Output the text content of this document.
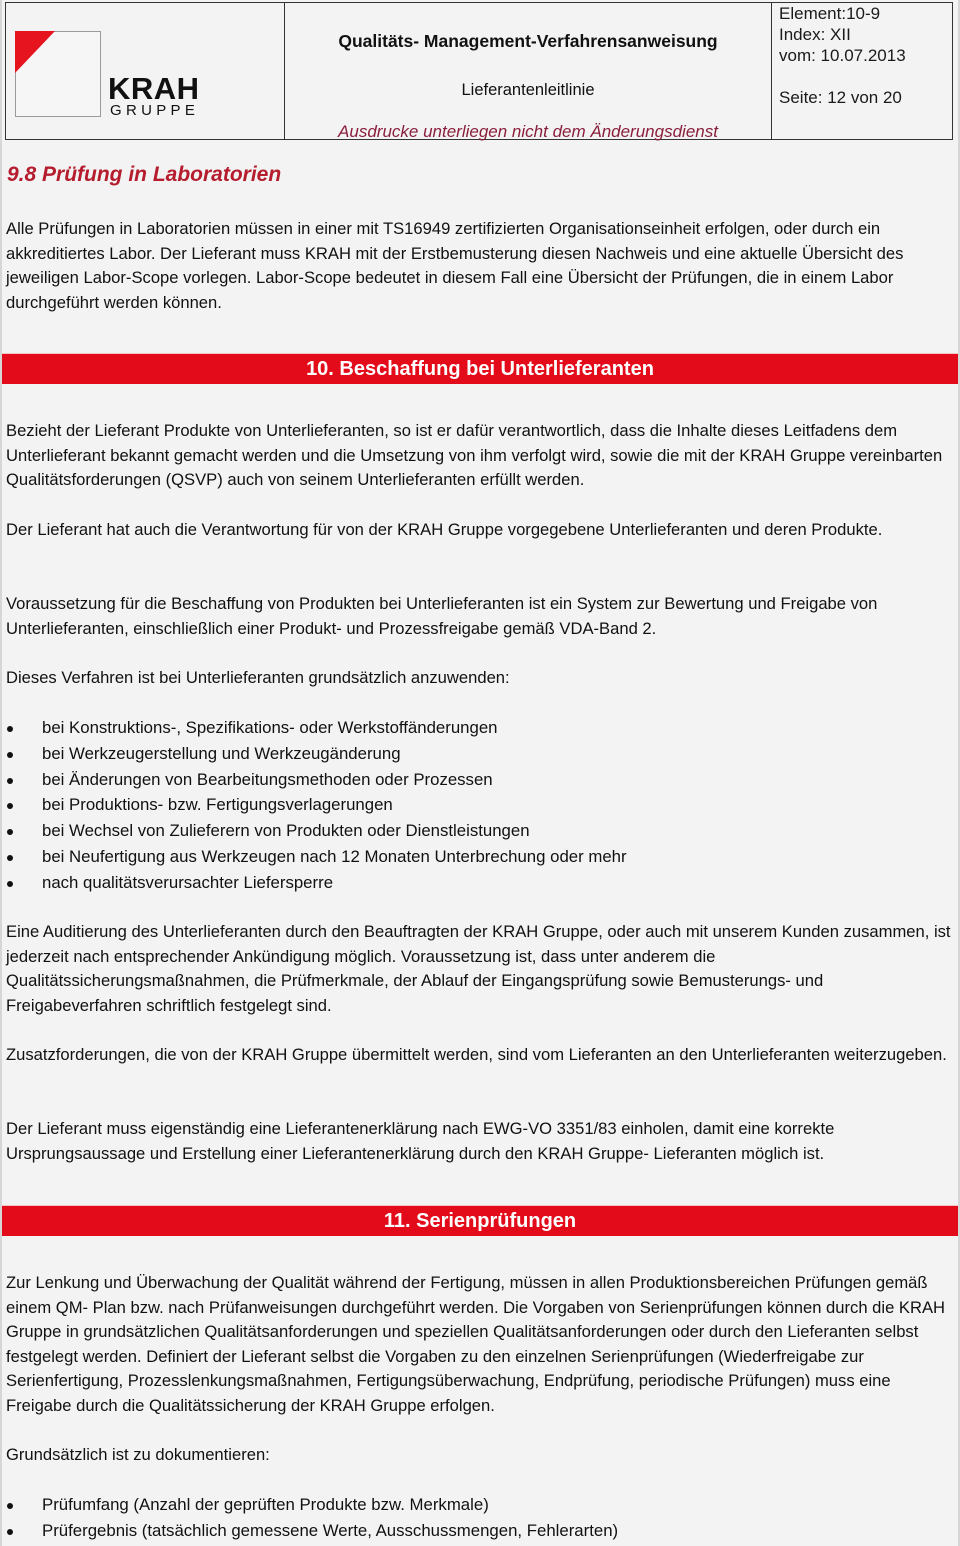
KRAH
GRUPPE
Qualitäts- Management-Verfahrensanweisung
Lieferantenleitlinie
Ausdrucke unterliegen nicht dem Änderungsdienst
Element:10-9
Index: XII
vom: 10.07.2013
Seite: 12 von 20
9.8 Prüfung in Laboratorien

Alle Prüfungen in Laboratorien müssen in einer mit TS16949 zertifizierten Organisationseinheit erfolgen, oder durch ein akkreditiertes Labor. Der Lieferant muss KRAH mit der Erstbemusterung diesen Nachweis und eine aktuelle Übersicht des jeweiligen Labor-Scope vorlegen. Labor-Scope bedeutet in diesem Fall eine Übersicht der Prüfungen, die in einem Labor durchgeführt werden können.

10. Beschaffung bei Unterlieferanten

Bezieht der Lieferant Produkte von Unterlieferanten, so ist er dafür verantwortlich, dass die Inhalte dieses Leitfadens dem Unterlieferant bekannt gemacht werden und die Umsetzung von ihm verfolgt wird, sowie die mit der KRAH Gruppe vereinbarten Qualitätsforderungen (QSVP) auch von seinem Unterlieferanten erfüllt werden.

Der Lieferant hat auch die Verantwortung für von der KRAH Gruppe vorgegebene Unterlieferanten und deren Produkte.

Voraussetzung für die Beschaffung von Produkten bei Unterlieferanten ist ein System zur Bewertung und Freigabe von Unterlieferanten, einschließlich einer Produkt- und Prozessfreigabe gemäß VDA-Band 2.

Dieses Verfahren ist bei Unterlieferanten grundsätzlich anzuwenden:

bei Konstruktions-, Spezifikations- oder Werkstoffänderungen
bei Werkzeugerstellung und Werkzeugänderung
bei Änderungen von Bearbeitungsmethoden oder Prozessen
bei Produktions- bzw. Fertigungsverlagerungen
bei Wechsel von Zulieferern von Produkten oder Dienstleistungen
bei Neufertigung aus Werkzeugen nach 12 Monaten Unterbrechung oder mehr
nach qualitätsverursachter Liefersperre

Eine Auditierung des Unterlieferanten durch den Beauftragten der KRAH Gruppe, oder auch mit unserem Kunden zusammen, ist jederzeit nach entsprechender Ankündigung möglich. Voraussetzung ist, dass unter anderem die Qualitätssicherungsmaßnahmen, die Prüfmerkmale, der Ablauf der Eingangsprüfung sowie Bemusterungs- und Freigabeverfahren schriftlich festgelegt sind.

Zusatzforderungen, die von der KRAH Gruppe übermittelt werden, sind vom Lieferanten an den Unterlieferanten weiterzugeben.

Der Lieferant muss eigenständig eine Lieferantenerklärung nach EWG-VO 3351/83 einholen, damit eine korrekte Ursprungsaussage und Erstellung einer Lieferantenerklärung durch den KRAH Gruppe- Lieferanten möglich ist.

11. Serienprüfungen

Zur Lenkung und Überwachung der Qualität während der Fertigung, müssen in allen Produktionsbereichen Prüfungen gemäß einem QM- Plan bzw. nach Prüfanweisungen durchgeführt werden. Die Vorgaben von Serienprüfungen können durch die KRAH Gruppe in grundsätzlichen Qualitätsanforderungen und speziellen Qualitätsanforderungen oder durch den Lieferanten selbst festgelegt werden. Definiert der Lieferant selbst die Vorgaben zu den einzelnen Serienprüfungen (Wiederfreigabe zur Serienfertigung, Prozesslenkungsmaßnahmen, Fertigungsüberwachung, Endprüfung, periodische Prüfungen) muss eine Freigabe durch die Qualitätssicherung der KRAH Gruppe erfolgen.

Grundsätzlich ist zu dokumentieren:

Prüfumfang (Anzahl der geprüften Produkte bzw. Merkmale)
Prüfergebnis (tatsächlich gemessene Werte, Ausschussmengen, Fehlerarten)
